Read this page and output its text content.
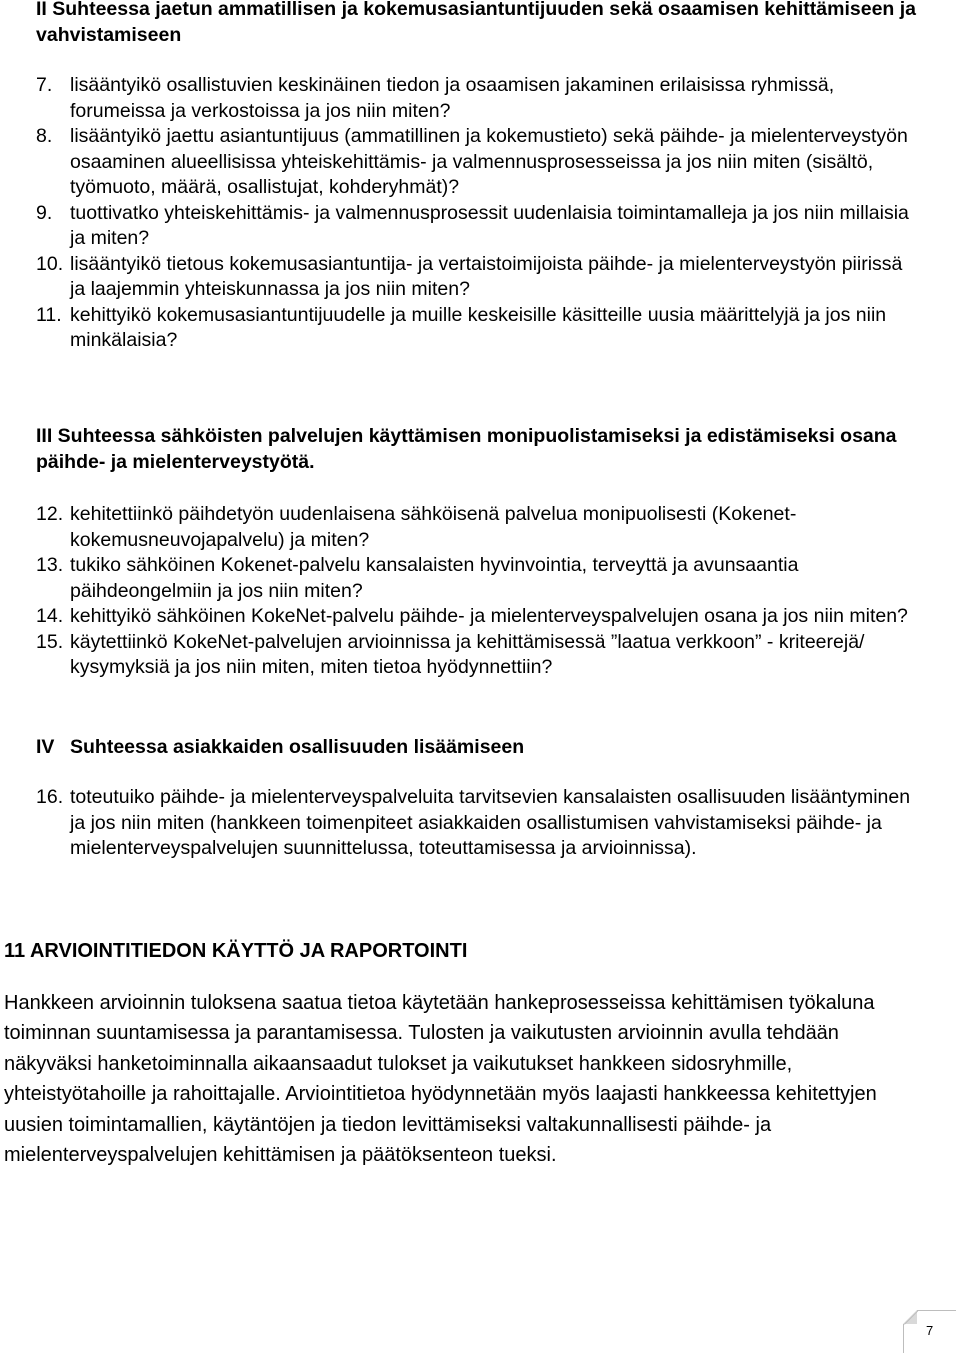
II Suhteessa jaetun ammatillisen ja kokemusasiantuntijuuden sekä osaamisen kehittämiseen ja vahvistamiseen
7. lisääntyikö osallistuvien keskinäinen tiedon ja osaamisen jakaminen erilaisissa ryhmissä, forumeissa ja verkostoissa ja jos niin miten?
8. lisääntyikö jaettu asiantuntijuus (ammatillinen ja kokemustieto) sekä päihde- ja mielenterveystyön osaaminen alueellisissa yhteiskehittämis- ja valmennusprosesseissa ja jos niin miten (sisältö, työmuoto, määrä, osallistujat, kohderyhmät)?
9. tuottivatko yhteiskehittämis- ja valmennusprosessit uudenlaisia toimintamalleja ja jos niin millaisia ja miten?
10. lisääntyikö tietous kokemusasiantuntija- ja vertaistoimijoista päihde- ja mielenterveystyön piirissä ja laajemmin yhteiskunnassa ja jos niin miten?
11. kehittyikö kokemusasiantuntijuudelle ja muille keskeisille käsitteille uusia määrittelyjä ja jos niin minkälaisia?
III Suhteessa sähköisten palvelujen käyttämisen monipuolistamiseksi ja edistämiseksi osana päihde- ja mielenterveystyötä.
12. kehitettiinkö päihdetyön uudenlaisena sähköisenä palvelua monipuolisesti (Kokenet-kokemusneuvojapalvelu) ja miten?
13. tukiko sähköinen Kokenet-palvelu kansalaisten hyvinvointia, terveyttä ja avunsaantia päihdeongelmiin ja jos niin miten?
14. kehittyikö sähköinen KokeNet-palvelu päihde- ja mielenterveyspalvelujen osana ja jos niin miten?
15. käytettiinkö KokeNet-palvelujen arvioinnissa ja kehittämisessä ”laatua verkkoon” - kriteerejä/ kysymyksiä ja jos niin miten, miten tietoa hyödynnettiin?
IV Suhteessa asiakkaiden osallisuuden lisäämiseen
16. toteutuiko päihde- ja mielenterveyspalveluita tarvitsevien kansalaisten osallisuuden lisääntyminen ja jos niin miten (hankkeen toimenpiteet asiakkaiden osallistumisen vahvistamiseksi päihde- ja mielenterveyspalvelujen suunnittelussa, toteuttamisessa ja arvioinnissa).
11 ARVIOINTITIEDON KÄYTTÖ JA RAPORTOINTI

Hankkeen arvioinnin tuloksena saatua tietoa käytetään hankeprosesseissa kehittämisen työkaluna toiminnan suuntamisessa ja parantamisessa. Tulosten ja vaikutusten arvioinnin avulla tehdään näkyväksi hanketoiminnalla aikaansaadut tulokset ja vaikutukset hankkeen sidosryhmille, yhteistyötahoille ja rahoittajalle. Arviointitietoa hyödynnetään myös laajasti hankkeessa kehitettyjen uusien toimintamallien, käytäntöjen ja tiedon levittämiseksi valtakunnallisesti päihde- ja mielenterveyspalvelujen kehittämisen ja päätöksenteon tueksi.

7
